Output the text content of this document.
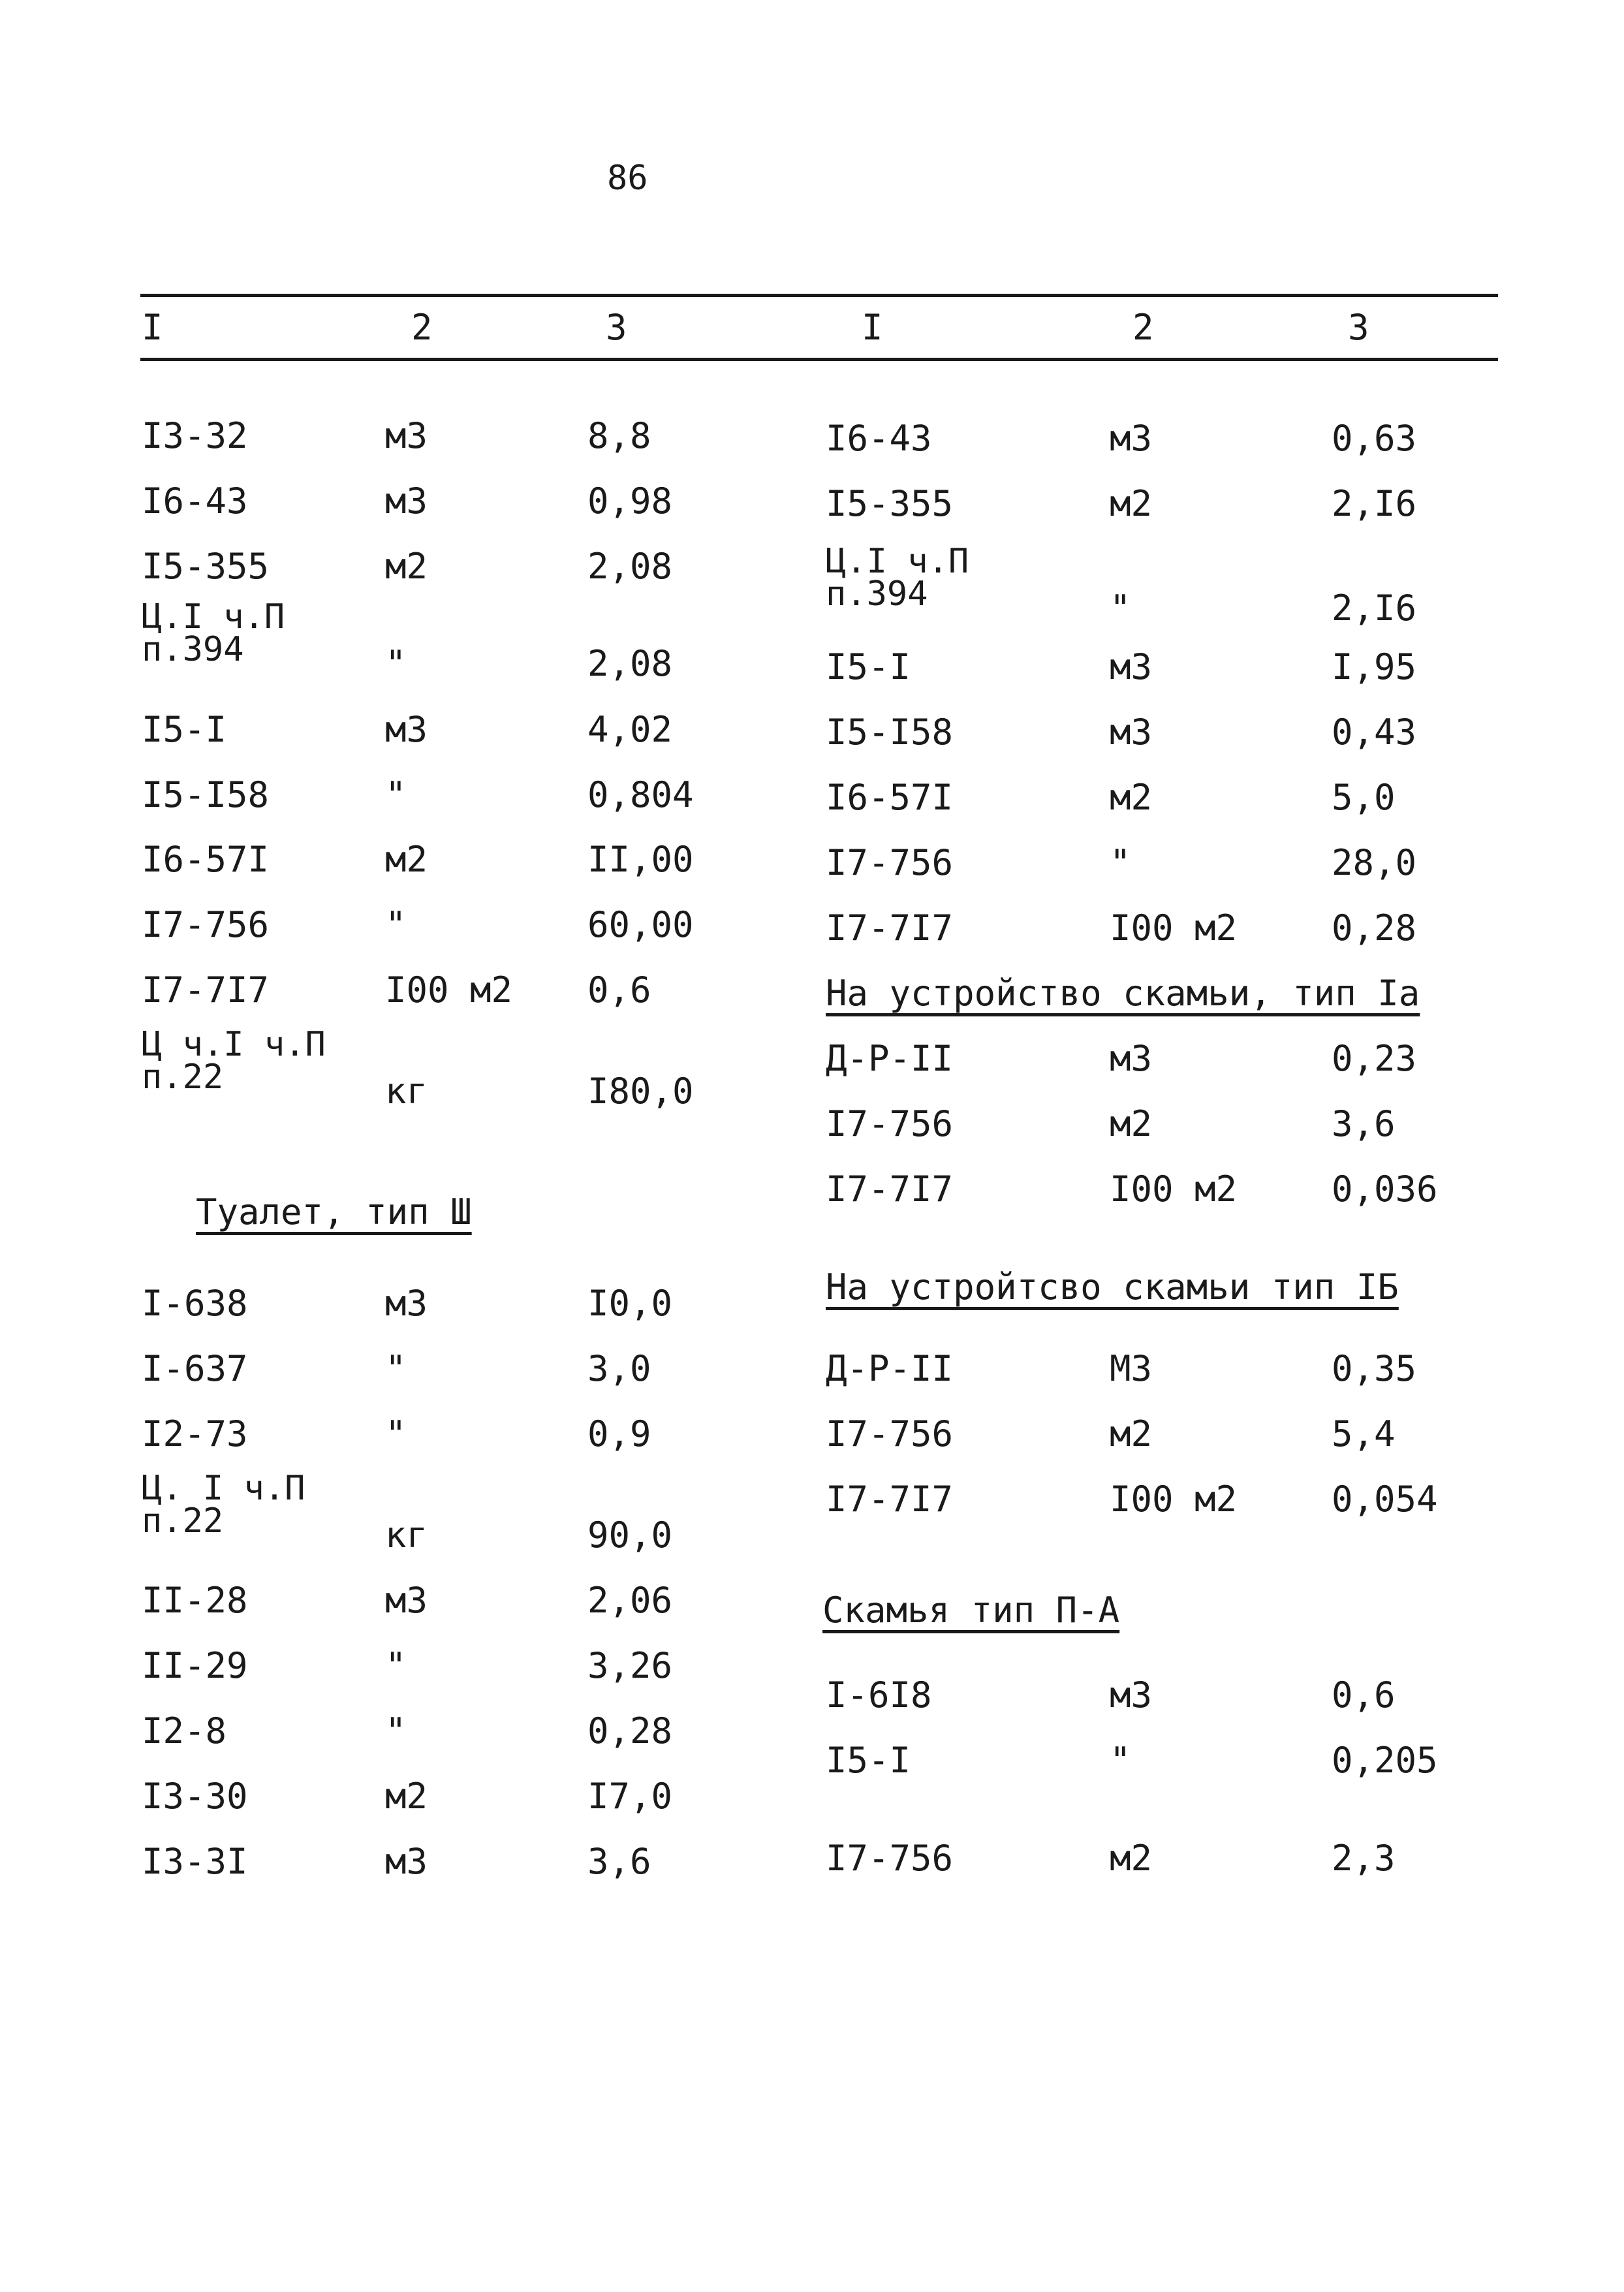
86
I	2	3	I	2	3
I3-32	м3	8,8
I6-43	м3	0,98
I5-355	м2	2,08
Ц.I ч.П
п.394	"	2,08
I5-I	м3	4,02
I5-I58	"	0,804
I6-57I	м2	II,00
I7-756	"	60,00
I7-7I7	I00 м2 0,6
Ц ч.I ч.П
п.22	кг	I80,0
Туалет, тип Ш
I-638	м3	I0,0
I-637	"	3,0
I2-73	"	0,9
Ц. I ч.П
п.22	кг	90,0
II-28	м3	2,06
II-29	"	3,26
I2-8	"	0,28
I3-30	м2	I7,0
I3-3I	м3	3,6
I6-43	м3	0,63
I5-355	м2	2,I6
Ц.I ч.П
п.394	"	2,I6
I5-I	м3	I,95
I5-I58	м3	0,43
I6-57I	м2	5,0
I7-756	"	28,0
I7-7I7	I00 м2	0,28
На устройство скамьи, тип Iа
Д-Р-II	м3	0,23
I7-756	м2	3,6
I7-7I7	I00 м2	0,036
На устройтсво скамьи тип IБ
Д-Р-II	М3	0,35
I7-756	м2	5,4
I7-7I7	I00 м2	0,054
Скамья тип П-А
I-6I8	м3	0,6
I5-I	"	0,205
I7-756	м2	2,3
